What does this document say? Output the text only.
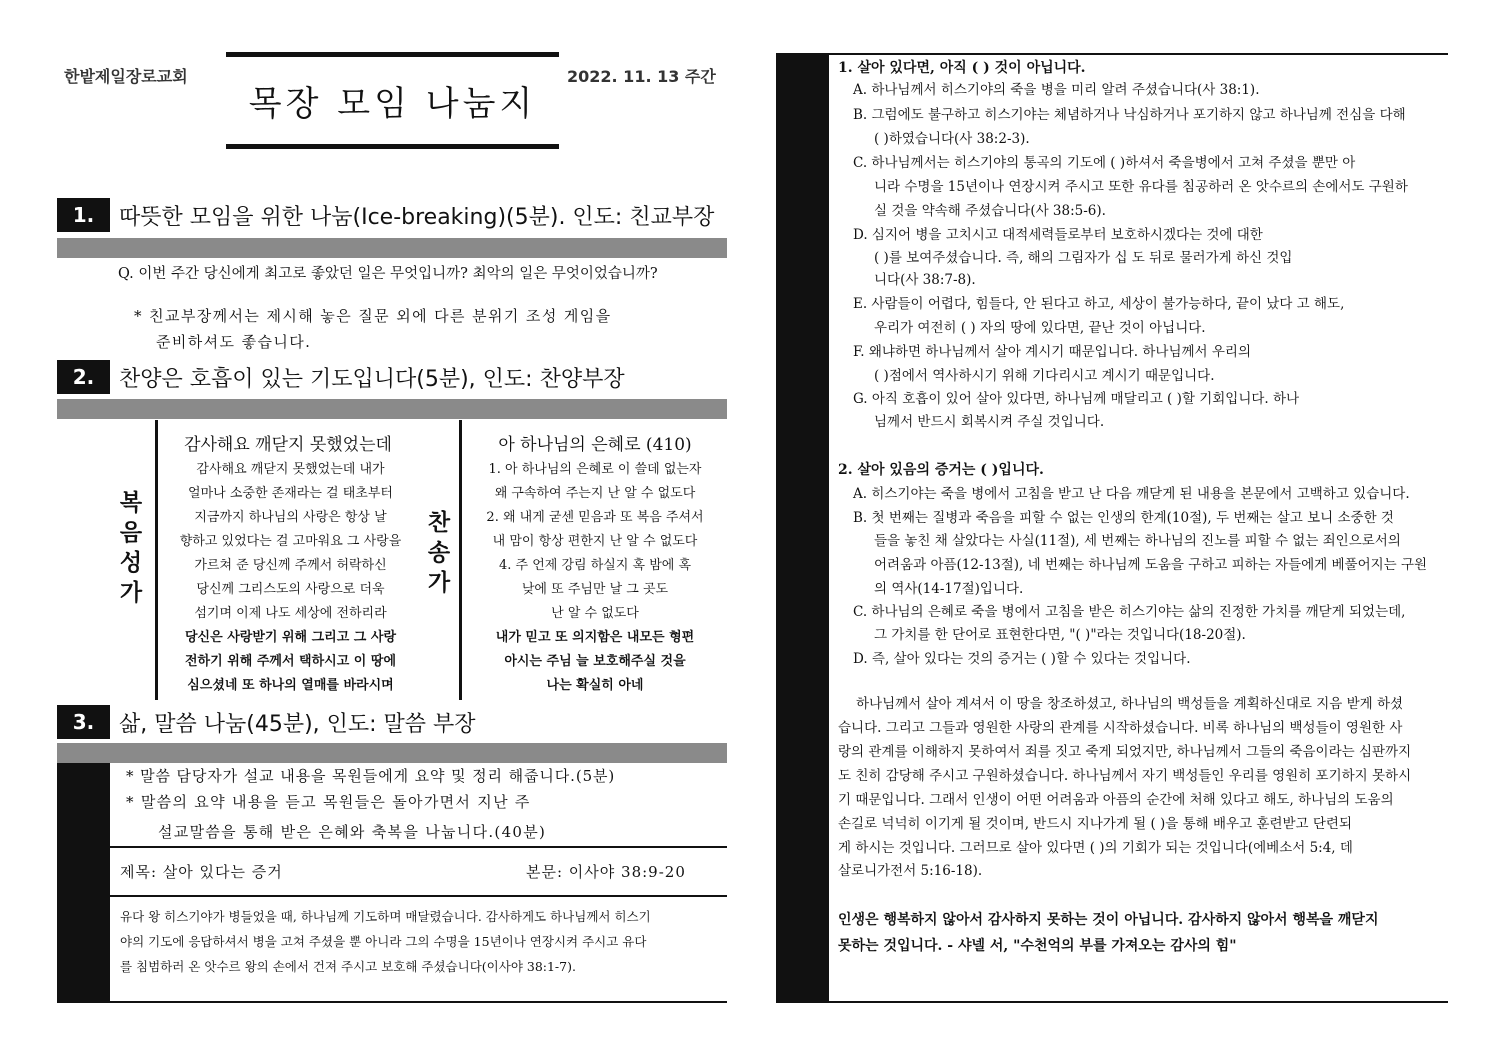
한밭제일장로교회	2022. 11. 13 주간
목장 모임 나눔지
1.	따뜻한 모임을 위한 나눔(Ice-breaking)(5분). 인도: 친교부장
Q. 이번 주간 당신에게 최고로 좋았던 일은 무엇입니까? 최악의 일은 무엇이었습니까?
* 친교부장께서는 제시해 놓은 질문 외에 다른 분위기 조성 게임을
준비하셔도 좋습니다.
2.	찬양은 호흡이 있는 기도입니다(5분), 인도: 찬양부장
복
음
성
가
찬
송
가
감사해요 깨닫지 못했었는데
감사해요 깨닫지 못했었는데 내가
얼마나 소중한 존재라는 걸 태초부터
지금까지 하나님의 사랑은 항상 날
향하고 있었다는 걸 고마워요 그 사랑을
가르쳐 준 당신께 주께서 허락하신
당신께 그리스도의 사랑으로 더욱
섬기며 이제 나도 세상에 전하리라
당신은 사랑받기 위해 그리고 그 사랑
전하기 위해 주께서 택하시고 이 땅에
심으셨네 또 하나의 열매를 바라시며
아 하나님의 은혜로 (410)
1. 아 하나님의 은혜로 이 쓸데 없는자
왜 구속하여 주는지 난 알 수 없도다
2. 왜 내게 굳센 믿음과 또 복음 주셔서
내 맘이 항상 편한지 난 알 수 없도다
4. 주 언제 강림 하실지 혹 밤에 혹
낮에 또 주님만 날 그 곳도
난 알 수 없도다
내가 믿고 또 의지함은 내모든 형편
아시는 주님 늘 보호해주실 것을
나는 확실히 아네
3.	삶, 말씀 나눔(45분), 인도: 말씀 부장
* 말씀 담당자가 설교 내용을 목원들에게 요약 및 정리 해줍니다.(5분)
* 말씀의 요약 내용을 듣고 목원들은 돌아가면서 지난 주
설교말씀을 통해 받은 은혜와 축복을 나눕니다.(40분)
제목: 살아 있다는 증거	본문: 이사야 38:9-20
유다 왕 히스기야가 병들었을 때, 하나님께 기도하며 매달렸습니다. 감사하게도 하나님께서 히스기
야의 기도에 응답하셔서 병을 고쳐 주셨을 뿐 아니라 그의 수명을 15년이나 연장시켜 주시고 유다
를 침범하러 온 앗수르 왕의 손에서 건져 주시고 보호해 주셨습니다(이사야 38:1-7).
1. 살아 있다면, 아직 ( ) 것이 아닙니다.
A. 하나님께서 히스기야의 죽을 병을 미리 알려 주셨습니다(사 38:1).
B. 그럼에도 불구하고 히스기야는 체념하거나 낙심하거나 포기하지 않고 하나님께 전심을 다해
( )하였습니다(사 38:2-3).
C. 하나님께서는 히스기야의 통곡의 기도에 ( )하셔서 죽을병에서 고쳐 주셨을 뿐만 아
니라 수명을 15년이나 연장시켜 주시고 또한 유다를 침공하러 온 앗수르의 손에서도 구원하
실 것을 약속해 주셨습니다(사 38:5-6).
D. 심지어 병을 고치시고 대적세력들로부터 보호하시겠다는 것에 대한
( )를 보여주셨습니다. 즉, 해의 그림자가 십 도 뒤로 물러가게 하신 것입
니다(사 38:7-8).
E. 사람들이 어렵다, 힘들다, 안 된다고 하고, 세상이 불가능하다, 끝이 났다 고 해도,
우리가 여전히 ( ) 자의 땅에 있다면, 끝난 것이 아닙니다.
F. 왜냐하면 하나님께서 살아 계시기 때문입니다. 하나님께서 우리의
( )점에서 역사하시기 위해 기다리시고 계시기 때문입니다.
G. 아직 호흡이 있어 살아 있다면, 하나님께 매달리고 ( )할 기회입니다. 하나
님께서 반드시 회복시켜 주실 것입니다.
2. 살아 있음의 증거는 ( )입니다.
A. 히스기야는 죽을 병에서 고침을 받고 난 다음 깨닫게 된 내용을 본문에서 고백하고 있습니다.
B. 첫 번째는 질병과 죽음을 피할 수 없는 인생의 한계(10절), 두 번째는 살고 보니 소중한 것
들을 놓친 채 살았다는 사실(11절), 세 번째는 하나님의 진노를 피할 수 없는 죄인으로서의
어려움과 아픔(12-13절), 네 번째는 하나님께 도움을 구하고 피하는 자들에게 베풀어지는 구원
의 역사(14-17절)입니다.
C. 하나님의 은혜로 죽을 병에서 고침을 받은 히스기야는 삶의 진정한 가치를 깨닫게 되었는데,
그 가치를 한 단어로 표현한다면, "( )"라는 것입니다(18-20절).
D. 즉, 살아 있다는 것의 증거는 ( )할 수 있다는 것입니다.
하나님께서 살아 계셔서 이 땅을 창조하셨고, 하나님의 백성들을 계획하신대로 지음 받게 하셨
습니다. 그리고 그들과 영원한 사랑의 관계를 시작하셨습니다. 비록 하나님의 백성들이 영원한 사
랑의 관계를 이해하지 못하여서 죄를 짓고 죽게 되었지만, 하나님께서 그들의 죽음이라는 심판까지
도 친히 감당해 주시고 구원하셨습니다. 하나님께서 자기 백성들인 우리를 영원히 포기하지 못하시
기 때문입니다. 그래서 인생이 어떤 어려움과 아픔의 순간에 처해 있다고 해도, 하나님의 도움의
손길로 넉넉히 이기게 될 것이며, 반드시 지나가게 될 ( )을 통해 배우고 훈련받고 단련되
게 하시는 것입니다. 그러므로 살아 있다면 ( )의 기회가 되는 것입니다(에베소서 5:4, 데
살로니가전서 5:16-18).
인생은 행복하지 않아서 감사하지 못하는 것이 아닙니다. 감사하지 않아서 행복을 깨닫지
못하는 것입니다. - 샤넬 서, "수천억의 부를 가져오는 감사의 힘"
